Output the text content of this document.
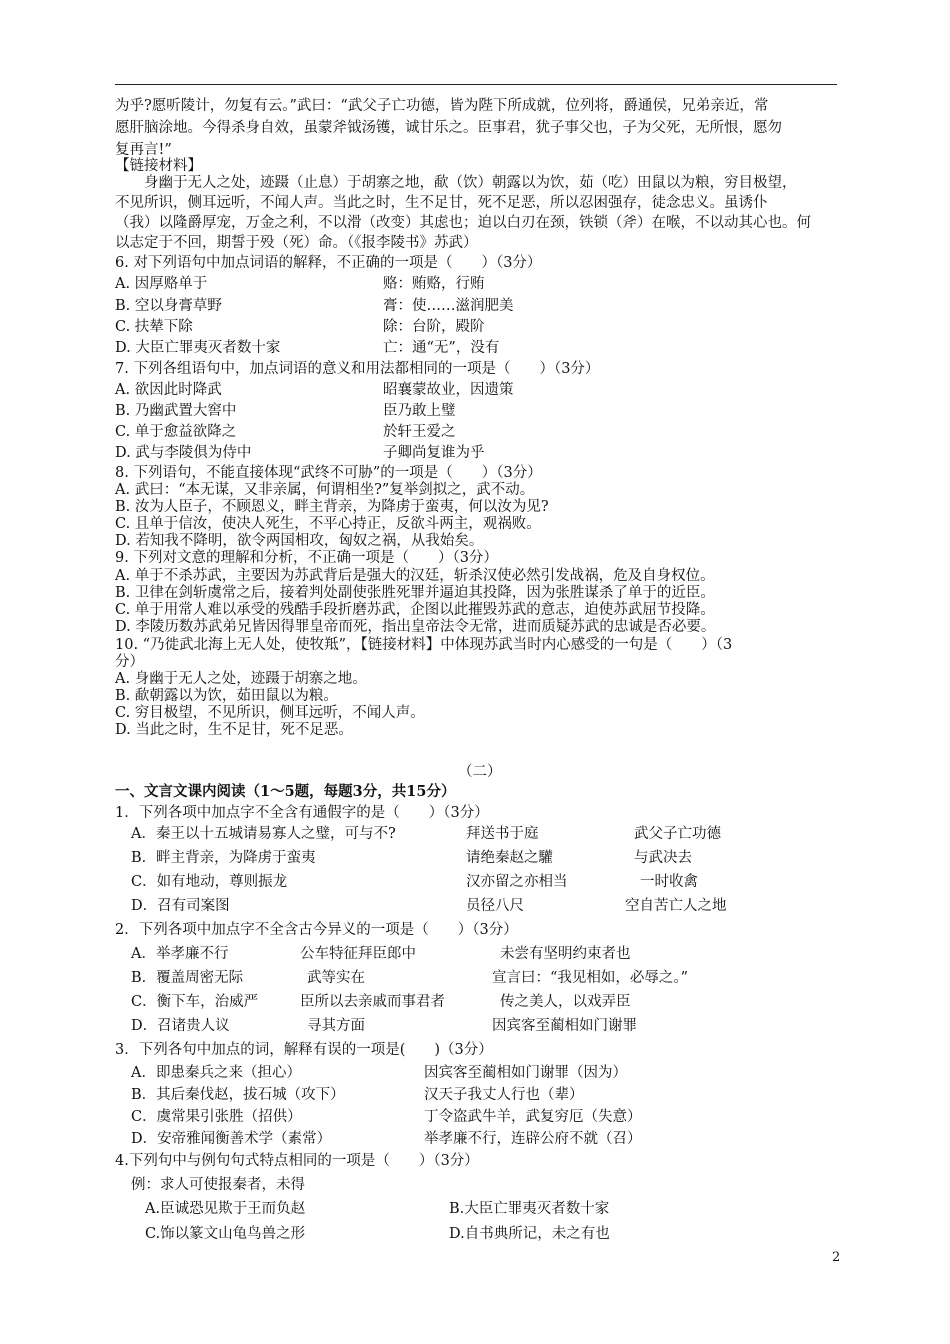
为乎?愿听陵计，勿复有云。”武曰：“武父子亡功德，皆为陛下所成就，位列将，爵通侯，兄弟亲近，常
愿肝脑涂地。今得杀身自效，虽蒙斧钺汤镬，诚甘乐之。臣事君，犹子事父也，子为父死，无所恨，愿勿
复再言!”
【链接材料】
　　身幽于无人之处，迹蹑（止息）于胡寨之地，歃（饮）朝露以为饮，茹（吃）田鼠以为粮，穷目极望，
不见所识，侧耳远听，不闻人声。当此之时，生不足甘，死不足恶，所以忍困强存，徒念忠义。虽诱仆
（我）以隆爵厚宠，万金之利，不以滑（改变）其虑也；迫以白刃在颈，铁锁（斧）在喉，不以动其心也。何
以志定于不回，期誓于殁（死）命。（《报李陵书》苏武）
6. 对下列语句中加点词语的解释，不正确的一项是（　　）（3分）
A. 因厚赂单于	赂：贿赂，行贿
B. 空以身膏草野	膏：使……滋润肥美
C. 扶辇下除	除：台阶，殿阶
D. 大臣亡罪夷灭者数十家	亡：通“无”，没有
7. 下列各组语句中，加点词语的意义和用法都相同的一项是（　　）（3分）
A. 欲因此时降武	昭襄蒙故业，因遗策
B. 乃幽武置大窖中	臣乃敢上璧
C. 单于愈益欲降之	於轩王爱之
D. 武与李陵俱为侍中	子卿尚复谁为乎
8. 下列语句，不能直接体现“武终不可胁”的一项是（　　）（3分）
A. 武曰：“本无谋，又非亲属，何谓相坐?”复举剑拟之，武不动。
B. 汝为人臣子，不顾恩义，畔主背亲，为降虏于蛮夷，何以汝为见?
C. 且单于信汝，使决人死生，不平心持正，反欲斗两主，观祸败。
D. 若知我不降明，欲令两国相攻，匈奴之祸，从我始矣。
9. 下列对文意的理解和分析，不正确一项是（　　）（3分）
A. 单于不杀苏武，主要因为苏武背后是强大的汉廷，斩杀汉使必然引发战祸，危及自身权位。
B. 卫律在剑斩虞常之后，接着判处副使张胜死罪并逼迫其投降，因为张胜谋杀了单于的近臣。
C. 单于用常人难以承受的残酷手段折磨苏武，企图以此摧毁苏武的意志，迫使苏武屈节投降。
D. 李陵历数苏武弟兄皆因得罪皇帝而死，指出皇帝法令无常，进而质疑苏武的忠诚是否必要。
10. “乃徙武北海上无人处，使牧羝”，【链接材料】中体现苏武当时内心感受的一句是（　　）（3
分）
A. 身幽于无人之处，迹蹑于胡寨之地。
B. 歃朝露以为饮，茹田鼠以为粮。
C. 穷目极望，不见所识，侧耳远听，不闻人声。
D. 当此之时，生不足甘，死不足恶。
（二）
一、文言文课内阅读（1～5题，每题3分，共15分）
1．下列各项中加点字不全含有通假字的是（　　）（3分）
A．秦王以十五城请易寡人之璧，可与不?	拜送书于庭	武父子亡功德
B．畔主背亲，为降虏于蛮夷	请绝秦赵之驩	与武决去
C．如有地动，尊则振龙	汉亦留之亦相当	一时收禽
D．召有司案图	员径八尺	空自苦亡人之地
2．下列各项中加点字不全含古今异义的一项是（　　）（3分）
A．举孝廉不行	公车特征拜臣郎中	未尝有坚明约束者也
B．覆盖周密无际	武等实在	宣言曰：“我见相如，必辱之。”
C．衡下车，治威严	臣所以去亲戚而事君者	传之美人，以戏弄臣
D．召诸贵人议	寻其方面	因宾客至蔺相如门谢罪
3．下列各句中加点的词，解释有误的一项是(　　)（3分）
A．即患秦兵之来（担心）	因宾客至蔺相如门谢罪（因为）
B．其后秦伐赵，拔石城（攻下）	汉天子我丈人行也（辈）
C．虞常果引张胜（招供）	丁令盗武牛羊，武复穷厄（失意）
D．安帝雅闻衡善术学（素常）	举孝廉不行，连辟公府不就（召）
4.下列句中与例句句式特点相同的一项是（　　）（3分）
例：求人可使报秦者，未得
A.臣诚恐见欺于王而负赵	B.大臣亡罪夷灭者数十家
C.饰以篆文山龟鸟兽之形	D.自书典所记，未之有也
2
